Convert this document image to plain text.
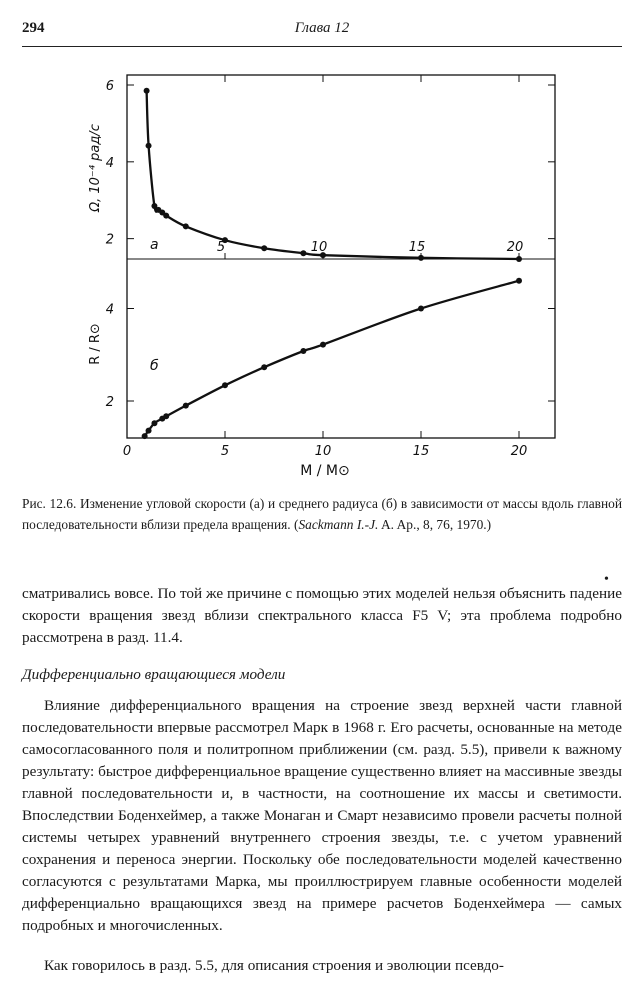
294	Глава 12
6
4
2
4
2
0	5	10	15	20
5	10	15	20
Ω, 10⁻⁴ рад/с
R / R⊙
M / M⊙
a
б
Рис. 12.6. Изменение угловой скорости (а) и среднего радиуса (б) в зависимости от массы вдоль главной последовательности вблизи предела вращения. (Sackmann I.-J. A. Ap., 8, 76, 1970.)
•

сматривались вовсе. По той же причине с помощью этих моделей нельзя объяснить падение скорости вращения звезд вблизи спектрального класса F5 V; эта проблема подробно рассмотрена в разд. 11.4.

Дифференциально вращающиеся модели

Влияние дифференциального вращения на строение звезд верхней части главной последовательности впервые рассмотрел Марк в 1968 г. Его расчеты, основанные на методе самосогласованного поля и политропном приближении (см. разд. 5.5), привели к важному результату: быстрое дифференциальное вращение существенно влияет на массивные звезды главной последовательности и, в частности, на соотношение их массы и светимости. Впоследствии Боденхеймер, а также Монаган и Смарт независимо провели расчеты полной системы четырех уравнений внутреннего строения звезды, т.е. с учетом уравнений сохранения и переноса энергии. Поскольку обе последовательности моделей качественно согласуются с результатами Марка, мы проиллюстрируем главные особенности моделей дифференциально вращающихся звезд на примере расчетов Боденхеймера — самых подробных и многочисленных.

Как говорилось в разд. 5.5, для описания строения и эволюции псевдо-
